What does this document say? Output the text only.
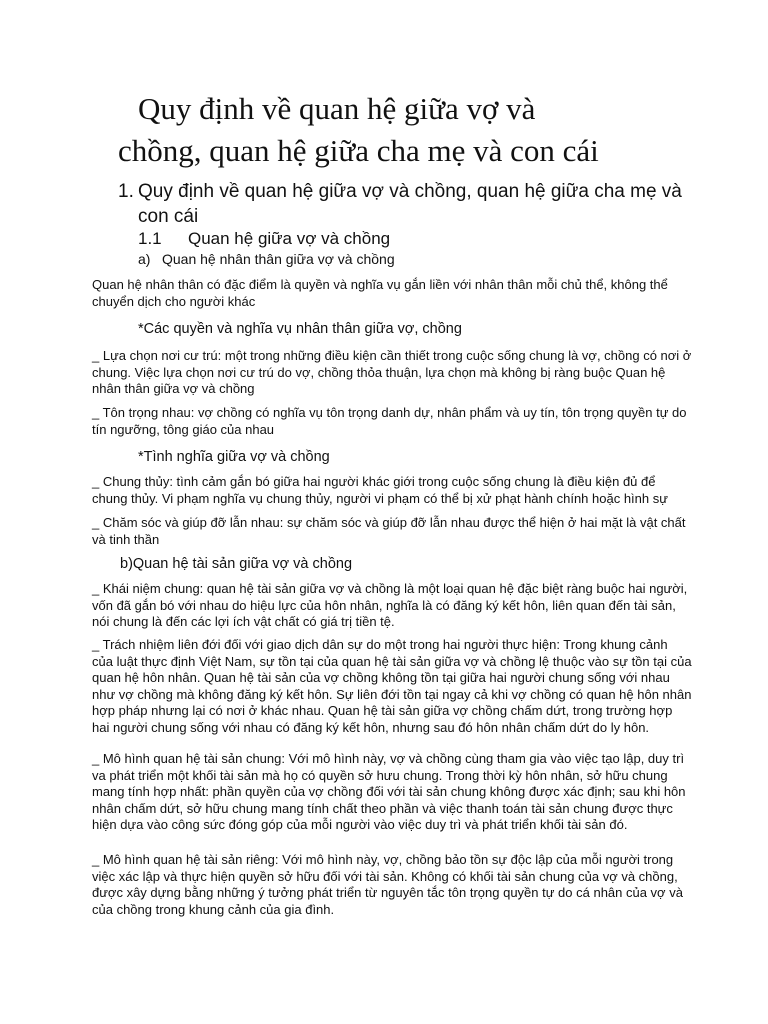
Quy định về quan hệ giữa vợ và
chồng, quan hệ giữa cha mẹ và con cái
1. Quy định về quan hệ giữa vợ và chồng, quan hệ giữa cha mẹ và con cái
1.1 Quan hệ giữa vợ và chồng
a) Quan hệ nhân thân giữa vợ và chồng

Quan hệ nhân thân có đặc điểm là quyền và nghĩa vụ gắn liền với nhân thân mỗi chủ thể, không thể chuyển dịch cho người khác

*Các quyền và nghĩa vụ nhân thân giữa vợ, chồng

_ Lựa chọn nơi cư trú: một trong những điều kiện cần thiết trong cuộc sống chung là vợ, chồng có nơi ở chung. Việc lựa chọn nơi cư trú do vợ, chồng thỏa thuận, lựa chọn mà không bị ràng buộc Quan hệ nhân thân giữa vợ và chồng

_ Tôn trọng nhau: vợ chồng có nghĩa vụ tôn trọng danh dự, nhân phẩm và uy tín, tôn trọng quyền tự do tín ngưỡng, tông giáo của nhau

*Tình nghĩa giữa vợ và chồng

_ Chung thủy: tình cảm gắn bó giữa hai người khác giới trong cuộc sống chung là điều kiện đủ để chung thủy. Vi phạm nghĩa vụ chung thủy, người vi phạm có thể bị xử phạt hành chính hoặc hình sự

_ Chăm sóc và giúp đỡ lẫn nhau: sự chăm sóc và giúp đỡ lẫn nhau được thể hiện ở hai mặt là vật chất và tinh thần

b)Quan hệ tài sản giữa vợ và chồng

_ Khái niệm chung: quan hệ tài sản giữa vợ và chồng là một loại quan hệ đặc biệt ràng buộc hai người, vốn đã gắn bó với nhau do hiệu lực của hôn nhân, nghĩa là có đăng ký kết hôn, liên quan đến tài sản, nói chung là đến các lợi ích vật chất có giá trị tiền tệ.

_ Trách nhiệm liên đới đối với giao dịch dân sự do một trong hai người thực hiện: Trong khung cảnh của luật thực định Việt Nam, sự tồn tại của quan hệ tài sản giữa vợ và chồng lệ thuộc vào sự tồn tại của quan hệ hôn nhân. Quan hệ tài sản của vợ chồng không tồn tại giữa hai người chung sống với nhau như vợ chồng mà không đăng ký kết hôn. Sự liên đới tồn tại ngay cả khi vợ chồng có quan hệ hôn nhân hợp pháp nhưng lại có nơi ở khác nhau. Quan hệ tài sản giữa vợ chồng chấm dứt, trong trường hợp hai người chung sống với nhau có đăng ký kết hôn, nhưng sau đó hôn nhân chấm dứt do ly hôn.

_ Mô hình quan hệ tài sản chung: Với mô hình này, vợ và chồng cùng tham gia vào việc tạo lập, duy trì va phát triển một khối tài sản mà họ có quyền sở hưu chung. Trong thời kỳ hôn nhân, sở hữu chung mang tính hợp nhất: phần quyền của vợ chồng đối với tài sản chung không được xác định; sau khi hôn nhân chấm dứt, sở hữu chung mang tính chất theo phần và việc thanh toán tài sản chung được thực hiện dựa vào công sức đóng góp của mỗi người vào việc duy trì và phát triển khối tài sản đó.

_ Mô hình quan hệ tài sản riêng: Với mô hình này, vợ, chồng bảo tồn sự độc lập của mỗi người trong việc xác lập và thực hiện quyền sở hữu đối với tài sản. Không có khối tài sản chung của vợ và chồng, được xây dựng bằng những ý tưởng phát triển từ nguyên tắc tôn trọng quyền tự do cá nhân của vợ và của chồng trong khung cảnh của gia đình.
